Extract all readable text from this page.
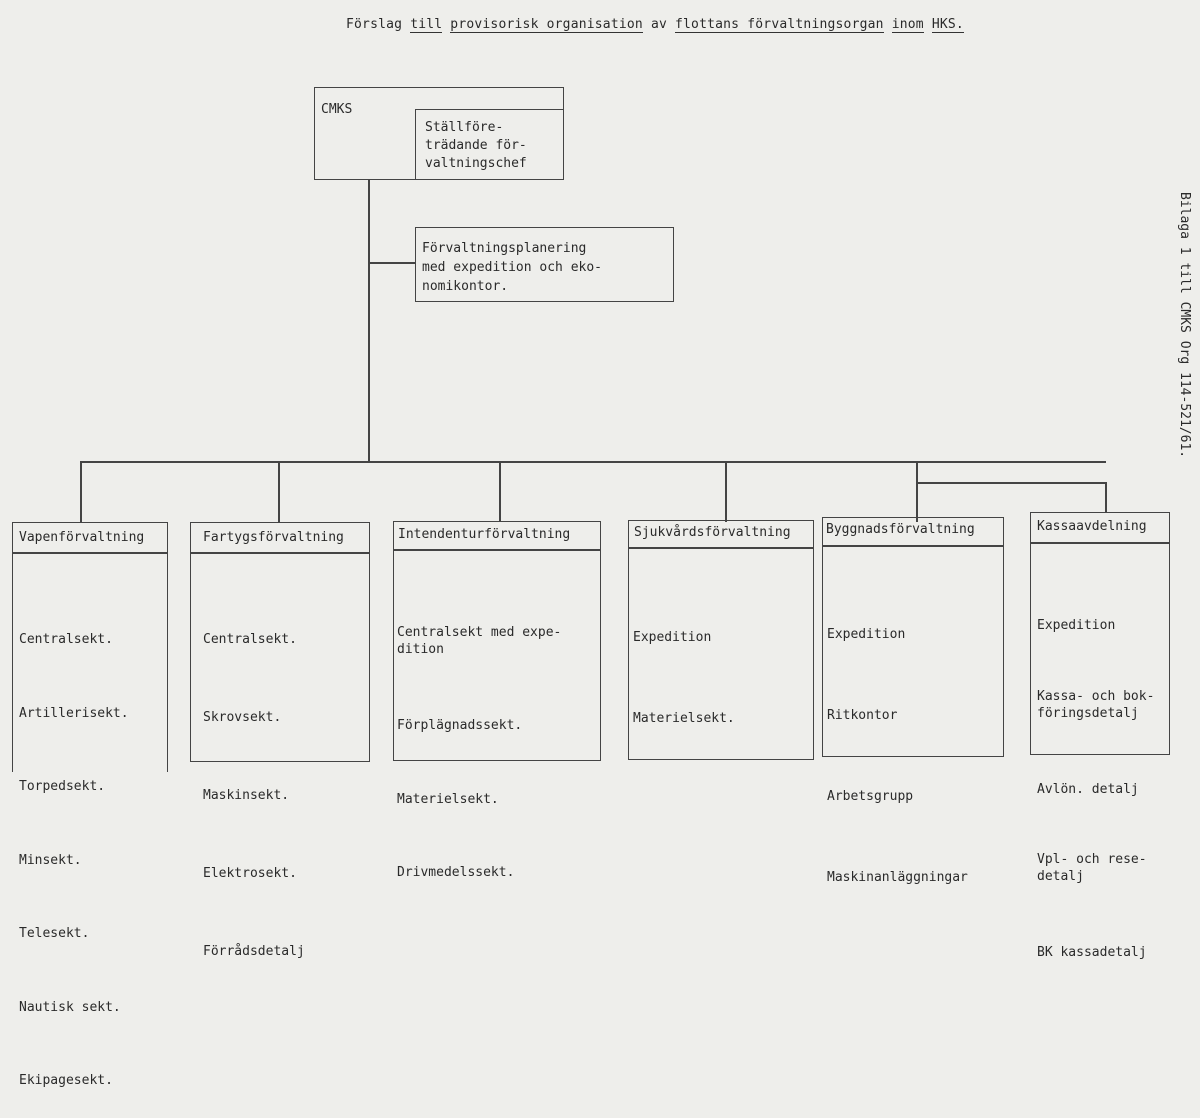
Förslag till provisorisk organisation av flottans förvaltningsorgan inom HKS.
Bilaga 1 till CMKS Org 114-521/61.
CMKS
Ställföre-
trädande för-
valtningschef
Förvaltningsplanering
med expedition och eko-
nomikontor.
Vapenförvaltning

Centralsekt.

Artillerisekt.

Torpedsekt.

Minsekt.

Telesekt.

Nautisk sekt.

Ekipagesekt.

Fartygsförvaltning

Centralsekt.

Skrovsekt.

Maskinsekt.

Elektrosekt.

Förrådsdetalj

Intendenturförvaltning

Centralsekt med expe-
dition

Förplägnadssekt.

Materielsekt.

Drivmedelssekt.

Sjukvårdsförvaltning

Expedition

Materielsekt.

Byggnadsförvaltning

Expedition

Ritkontor

Arbetsgrupp

Maskinanläggningar

Kassaavdelning

Expedition

Kassa- och bok-
föringsdetalj

Avlön. detalj

Vpl- och rese-
detalj

BK kassadetalj
